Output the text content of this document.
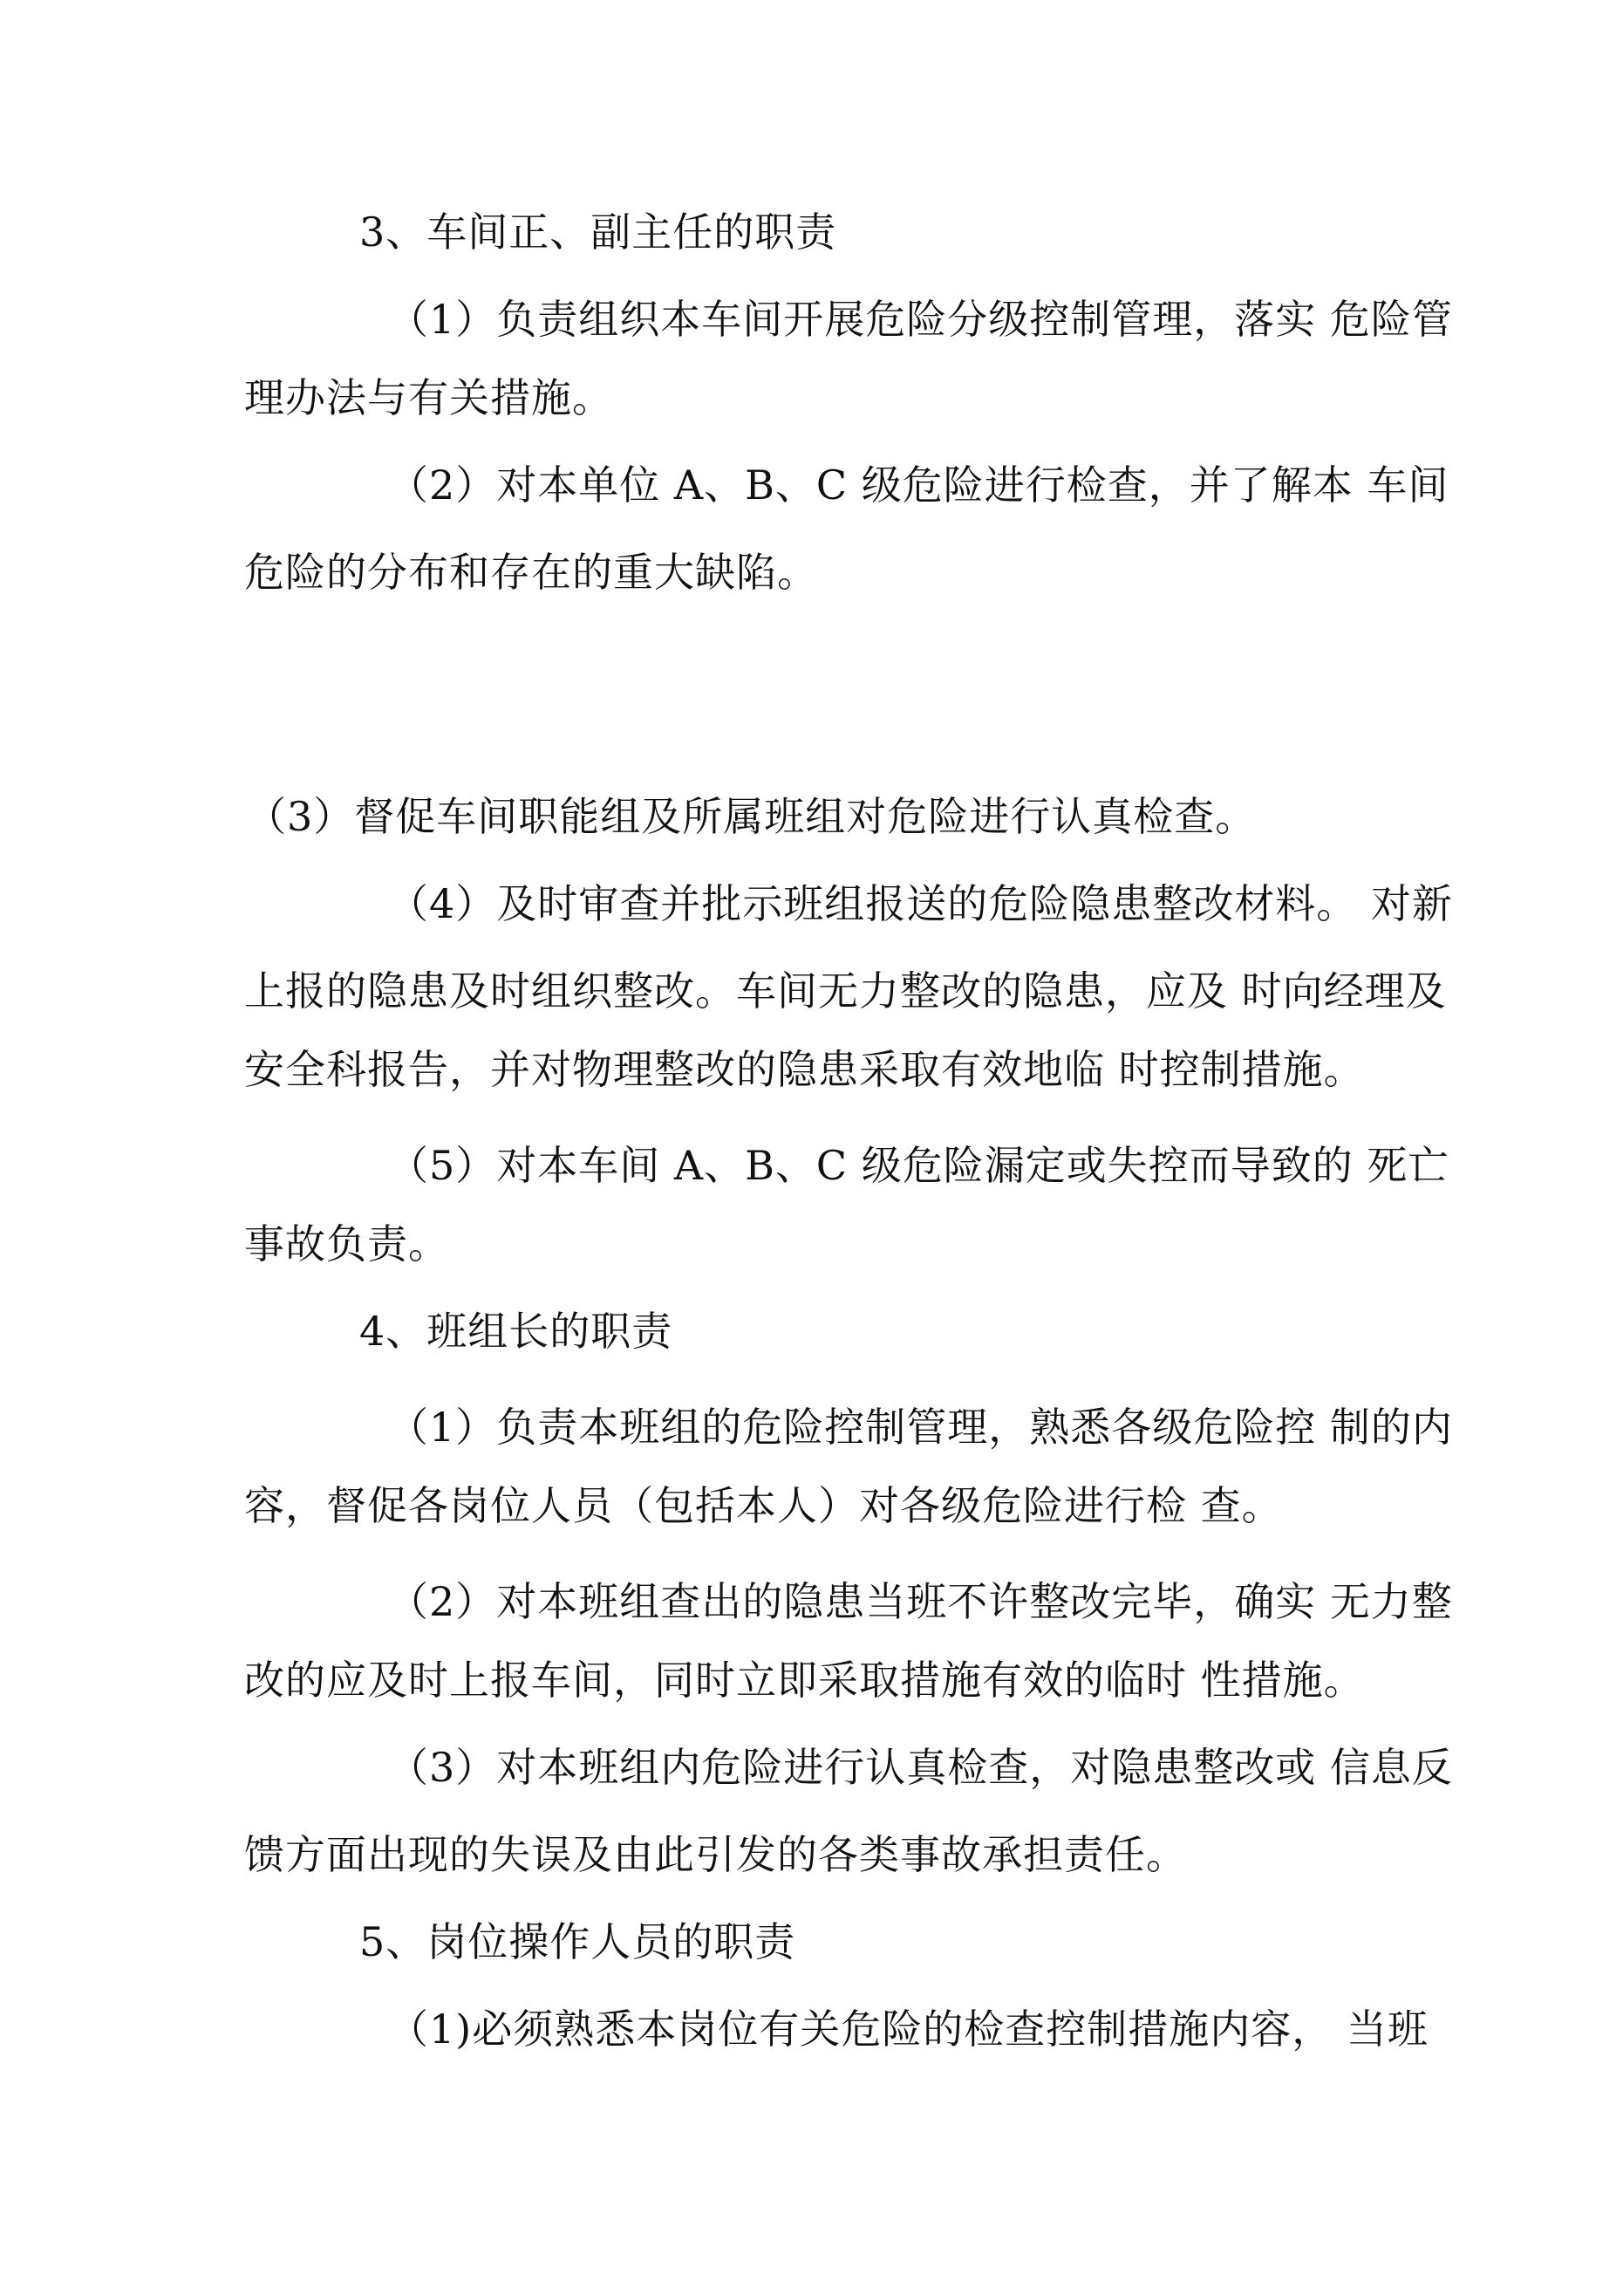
3、车间正、副主任的职责
（1）负责组织本车间开展危险分级控制管理，落实 危险管
理办法与有关措施。
（2）对本单位 A、B、C 级危险进行检查，并了解本 车间
危险的分布和存在的重大缺陷。
（3）督促车间职能组及所属班组对危险进行认真检查。
（4）及时审查并批示班组报送的危险隐患整改材料。 对新
上报的隐患及时组织整改。车间无力整改的隐患，应及 时向经理及
安全科报告，并对物理整改的隐患采取有效地临 时控制措施。
（5）对本车间 A、B、C 级危险漏定或失控而导致的 死亡
事故负责。
4、班组长的职责
（1）负责本班组的危险控制管理，熟悉各级危险控 制的内
容，督促各岗位人员（包括本人）对各级危险进行检 查。
（2）对本班组查出的隐患当班不许整改完毕，确实 无力整
改的应及时上报车间，同时立即采取措施有效的临时 性措施。
（3）对本班组内危险进行认真检查，对隐患整改或 信息反
馈方面出现的失误及由此引发的各类事故承担责任。
5、岗位操作人员的职责
（1)必须熟悉本岗位有关危险的检查控制措施内容， 当班
